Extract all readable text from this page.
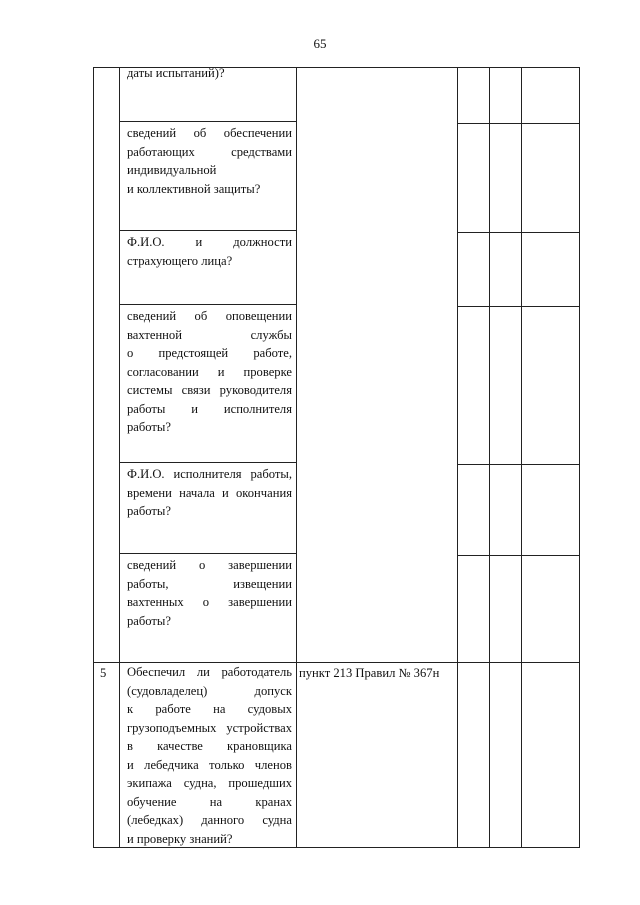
65
даты испытаний)?
сведений об обеспечении
работающих средствами
индивидуальной
и коллективной защиты?
Ф.И.О. и должности
страхующего лица?
сведений об оповещении
вахтенной службы
о предстоящей работе,
согласовании и проверке
системы связи руководителя
работы и исполнителя
работы?
Ф.И.О. исполнителя работы,
времени начала и окончания
работы?
сведений о завершении
работы, извещении
вахтенных о завершении
работы?
5 Обеспечил ли работодатель
(судовладелец) допуск
к работе на судовых
грузоподъемных устройствах
в качестве крановщика
и лебедчика только членов
экипажа судна, прошедших
обучение на кранах
(лебедках) данного судна
и проверку знаний?
пункт 213 Правил № 367н
